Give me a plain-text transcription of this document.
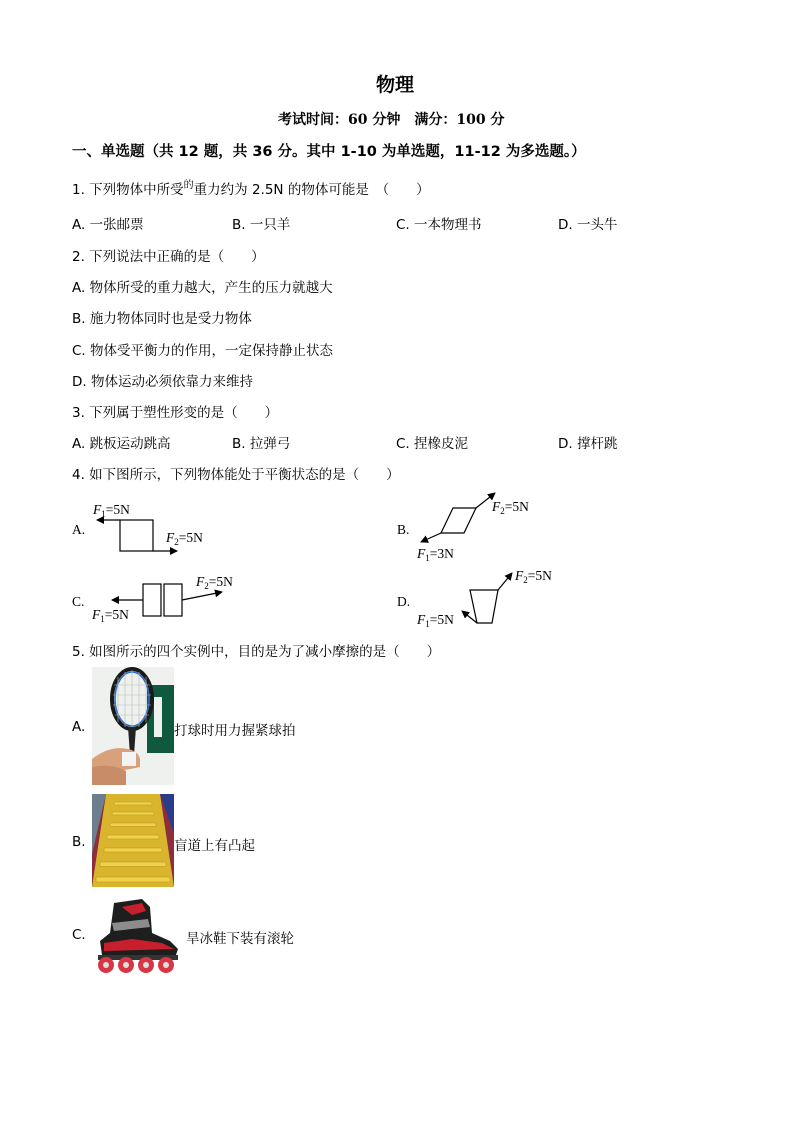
物理
考试时间：60 分钟　满分：100 分
一、单选题（共 12 题，共 36 分。其中 1-10 为单选题，11-12 为多选题。）
1. 下列物体中所受$^的$重力约为 2.5N 的物体可能是　（　　）
A. 一张邮票	B. 一只羊	C. 一本物理书	D. 一头牛
2. 下列说法中正确的是（　　）
A. 物体所受的重力越大，产生的压力就越大
B. 施力物体同时也是受力物体
C. 物体受平衡力的作用，一定保持静止状态
D. 物体运动必须依靠力来维持
3. 下列属于塑性形变的是（　　）
A. 跳板运动跳高	B. 拉弹弓	C. 捏橡皮泥	D. 撑杆跳
4. 如下图所示，下列物体能处于平衡状态的是（　　）
A.
$F_1=5N$
$F_2=5N$
B.
$F_2=5N$
$F_1=3N$
C.
$F_2=5N$
$F_1=5N$
D.
$F_2=5N$
$F_1=5N$
5. 如图所示的四个实例中，目的是为了减小摩擦的是（　　）
A.	打球时用力握紧球拍
B.	盲道上有凸起
C.	旱冰鞋下装有滚轮
